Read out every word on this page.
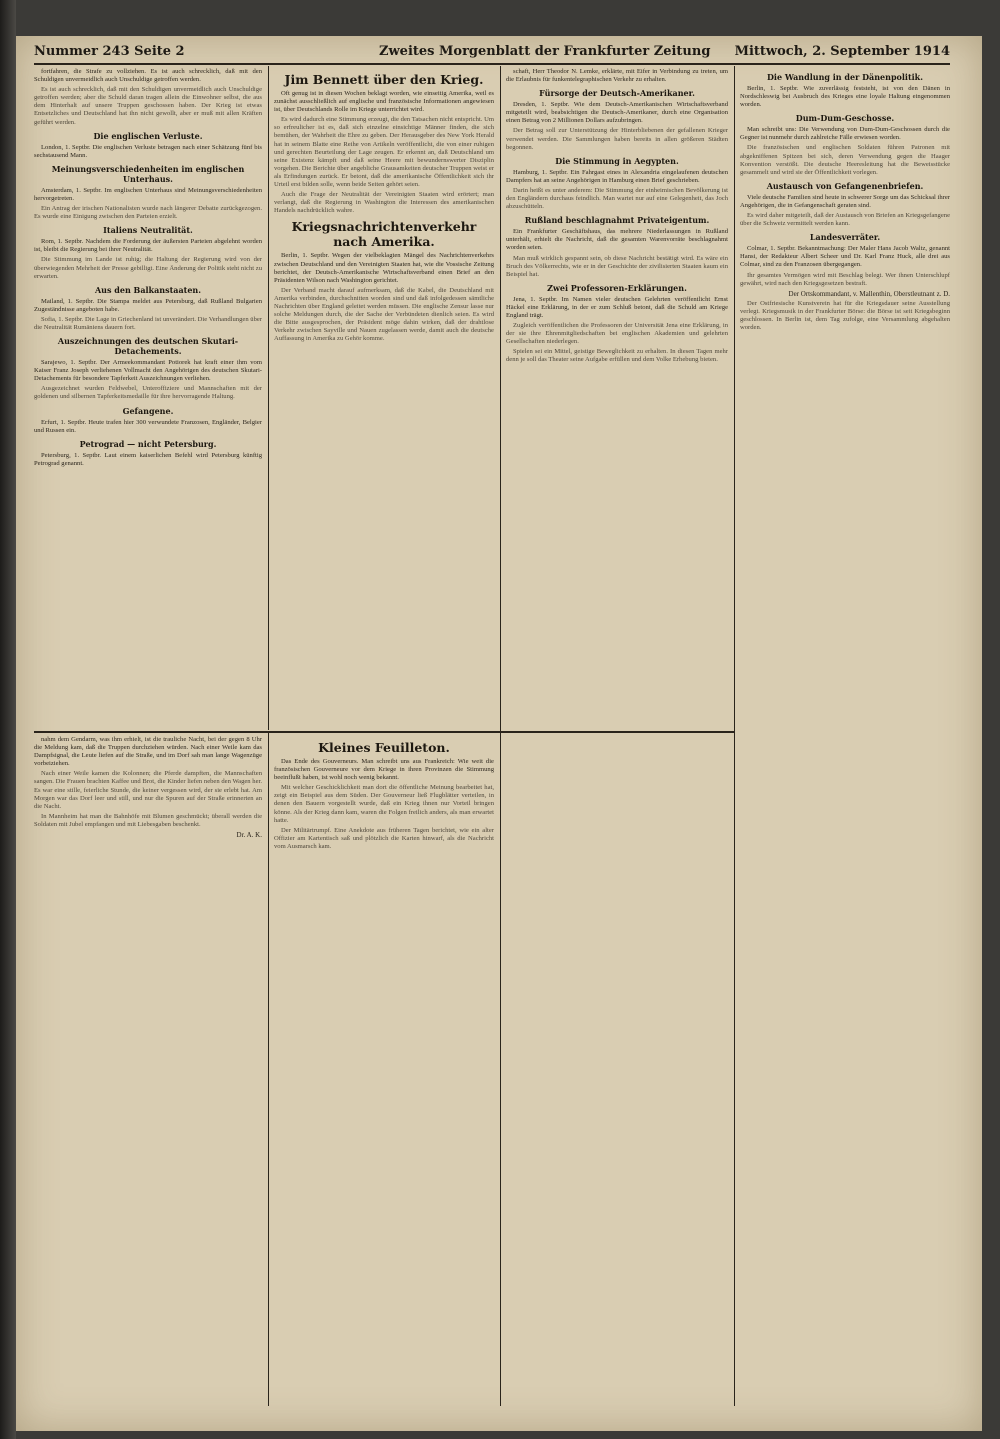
Nummer 243 Seite 2	Zweites Morgenblatt der Frankfurter Zeitung Mittwoch, 2. September 1914

fortfahren, die Strafe zu vollziehen. Es ist auch schrecklich, daß mit den Schuldigen unvermeidlich auch Unschuldige getroffen werden.

Es ist auch schrecklich, daß mit den Schuldigen unvermeidlich auch Unschuldige getroffen werden; aber die Schuld daran tragen allein die Einwohner selbst, die aus dem Hinterhalt auf unsere Truppen geschossen haben. Der Krieg ist etwas Entsetzliches und Deutschland hat ihn nicht gewollt, aber er muß mit allen Kräften geführt werden.

Die englischen Verluste.

London, 1. Septbr. Die englischen Verluste betragen nach einer Schätzung fünf bis sechstausend Mann.

Meinungsverschiedenheiten im englischen Unterhaus.

Amsterdam, 1. Septbr. Im englischen Unterhaus sind Meinungsverschiedenheiten hervorgetreten.

Ein Antrag der irischen Nationalisten wurde nach längerer Debatte zurückgezogen. Es wurde eine Einigung zwischen den Parteien erzielt.

Italiens Neutralität.

Rom, 1. Septbr. Nachdem die Forderung der äußersten Parteien abgelehnt worden ist, bleibt die Regierung bei ihrer Neutralität.

Die Stimmung im Lande ist ruhig; die Haltung der Regierung wird von der überwiegenden Mehrheit der Presse gebilligt. Eine Änderung der Politik steht nicht zu erwarten.

Aus den Balkanstaaten.

Mailand, 1. Septbr. Die Stampa meldet aus Petersburg, daß Rußland Bulgarien Zugeständnisse angeboten habe.

Sofia, 1. Septbr. Die Lage in Griechenland ist unverändert. Die Verhandlungen über die Neutralität Rumäniens dauern fort.

Auszeichnungen des deutschen Skutari-Detachements.

Sarajewo, 1. Septbr. Der Armeekommandant Potiorek hat kraft einer ihm vom Kaiser Franz Joseph verliehenen Vollmacht den Angehörigen des deutschen Skutari-Detachements für besondere Tapferkeit Auszeichnungen verliehen.

Ausgezeichnet wurden Feldwebel, Unteroffiziere und Mannschaften mit der goldenen und silbernen Tapferkeitsmedaille für ihre hervorragende Haltung.

Gefangene.

Erfurt, 1. Septbr. Heute trafen hier 300 verwundete Franzosen, Engländer, Belgier und Russen ein.

Petrograd — nicht Petersburg.

Petersburg, 1. Septbr. Laut einem kaiserlichen Befehl wird Petersburg künftig Petrograd genannt.

Jim Bennett über den Krieg.

Oft genug ist in diesen Wochen beklagt worden, wie einseitig Amerika, weil es zunächst ausschließlich auf englische und französische Informationen angewiesen ist, über Deutschlands Rolle im Kriege unterrichtet wird.

Es wird dadurch eine Stimmung erzeugt, die den Tatsachen nicht entspricht. Um so erfreulicher ist es, daß sich einzelne einsichtige Männer finden, die sich bemühen, der Wahrheit die Ehre zu geben. Der Herausgeber des New York Herald hat in seinem Blatte eine Reihe von Artikeln veröffentlicht, die von einer ruhigen und gerechten Beurteilung der Lage zeugen. Er erkennt an, daß Deutschland um seine Existenz kämpft und daß seine Heere mit bewundernswerter Disziplin vorgehen. Die Berichte über angebliche Grausamkeiten deutscher Truppen weist er als Erfindungen zurück. Er betont, daß die amerikanische Öffentlichkeit sich ihr Urteil erst bilden solle, wenn beide Seiten gehört seien.

Auch die Frage der Neutralität der Vereinigten Staaten wird erörtert; man verlangt, daß die Regierung in Washington die Interessen des amerikanischen Handels nachdrücklich wahre.

Kriegsnachrichtenverkehr nach Amerika.

Berlin, 1. Septbr. Wegen der vielbeklagten Mängel des Nachrichtenverkehrs zwischen Deutschland und den Vereinigten Staaten hat, wie die Vossische Zeitung berichtet, der Deutsch-Amerikanische Wirtschaftsverband einen Brief an den Präsidenten Wilson nach Washington gerichtet.

Der Verband macht darauf aufmerksam, daß die Kabel, die Deutschland mit Amerika verbinden, durchschnitten worden sind und daß infolgedessen sämtliche Nachrichten über England geleitet werden müssen. Die englische Zensur lasse nur solche Meldungen durch, die der Sache der Verbündeten dienlich seien. Es wird die Bitte ausgesprochen, der Präsident möge dahin wirken, daß der drahtlose Verkehr zwischen Sayville und Nauen zugelassen werde, damit auch die deutsche Auffassung in Amerika zu Gehör komme.

schaft, Herr Theodor N. Lemke, erklärte, mit Eifer in Verbindung zu treten, um die Erlaubnis für funkentelegraphischen Verkehr zu erhalten.

Fürsorge der Deutsch-Amerikaner.

Dresden, 1. Septbr. Wie dem Deutsch-Amerikanischen Wirtschaftsverband mitgeteilt wird, beabsichtigen die Deutsch-Amerikaner, durch eine Organisation einen Betrag von 2 Millionen Dollars aufzubringen.

Der Betrag soll zur Unterstützung der Hinterbliebenen der gefallenen Krieger verwendet werden. Die Sammlungen haben bereits in allen größeren Städten begonnen.

Die Stimmung in Aegypten.

Hamburg, 1. Septbr. Ein Fahrgast eines in Alexandria eingelaufenen deutschen Dampfers hat an seine Angehörigen in Hamburg einen Brief geschrieben.

Darin heißt es unter anderem: Die Stimmung der einheimischen Bevölkerung ist den Engländern durchaus feindlich. Man wartet nur auf eine Gelegenheit, das Joch abzuschütteln.

Rußland beschlagnahmt Privateigentum.

Ein Frankfurter Geschäftshaus, das mehrere Niederlassungen in Rußland unterhält, erhielt die Nachricht, daß die gesamten Warenvorräte beschlagnahmt worden seien.

Man muß wirklich gespannt sein, ob diese Nachricht bestätigt wird. Es wäre ein Bruch des Völkerrechts, wie er in der Geschichte der zivilisierten Staaten kaum ein Beispiel hat.

Zwei Professoren-Erklärungen.

Jena, 1. Septbr. Im Namen vieler deutschen Gelehrten veröffentlicht Ernst Häckel eine Erklärung, in der er zum Schluß betont, daß die Schuld am Kriege England trägt.

Zugleich veröffentlichen die Professoren der Universität Jena eine Erklärung, in der sie ihre Ehrenmitgliedschaften bei englischen Akademien und gelehrten Gesellschaften niederlegen.

Spielen sei ein Mittel, geistige Beweglichkeit zu erhalten. In diesen Tagen mehr denn je soll das Theater seine Aufgabe erfüllen und dem Volke Erhebung bieten.

Die Wandlung in der Dänenpolitik.

Berlin, 1. Septbr. Wie zuverlässig feststeht, ist von den Dänen in Nordschleswig bei Ausbruch des Krieges eine loyale Haltung eingenommen worden.

Dum-Dum-Geschosse.

Man schreibt uns: Die Verwendung von Dum-Dum-Geschossen durch die Gegner ist nunmehr durch zahlreiche Fälle erwiesen worden.

Die französischen und englischen Soldaten führen Patronen mit abgekniffenen Spitzen bei sich, deren Verwendung gegen die Haager Konvention verstößt. Die deutsche Heeresleitung hat die Beweisstücke gesammelt und wird sie der Öffentlichkeit vorlegen.

Austausch von Gefangenenbriefen.

Viele deutsche Familien sind heute in schwerer Sorge um das Schicksal ihrer Angehörigen, die in Gefangenschaft geraten sind.

Es wird daher mitgeteilt, daß der Austausch von Briefen an Kriegsgefangene über die Schweiz vermittelt werden kann.

Landesverräter.

Colmar, 1. Septbr. Bekanntmachung: Der Maler Hans Jacob Waltz, genannt Hansi, der Redakteur Albert Scheer und Dr. Karl Franz Huck, alle drei aus Colmar, sind zu den Franzosen übergegangen.

Ihr gesamtes Vermögen wird mit Beschlag belegt. Wer ihnen Unterschlupf gewährt, wird nach den Kriegsgesetzen bestraft.

Der Ortskommandant, v. Mallenthin, Oberstleutnant z. D.

Der Ostfriesische Kunstverein hat für die Kriegsdauer seine Ausstellung verlegt. Kriegsmusik in der Frankfurter Börse: die Börse ist seit Kriegsbeginn geschlossen. In Berlin ist, dem Tag zufolge, eine Versammlung abgehalten worden.

nahm dem Gendarm, was ihm erhielt, ist die trauliche Nacht, bei der gegen 8 Uhr die Meldung kam, daß die Truppen durchziehen würden. Nach einer Weile kam das Dampfsignal, die Leute liefen auf die Straße, und im Dorf sah man lange Wagenzüge vorbeiziehen.

Nach einer Weile kamen die Kolonnen; die Pferde dampften, die Mannschaften sangen. Die Frauen brachten Kaffee und Brot, die Kinder liefen neben den Wagen her. Es war eine stille, feierliche Stunde, die keiner vergessen wird, der sie erlebt hat. Am Morgen war das Dorf leer und still, und nur die Spuren auf der Straße erinnerten an die Nacht.

In Mannheim hat man die Bahnhöfe mit Blumen geschmückt; überall werden die Soldaten mit Jubel empfangen und mit Liebesgaben beschenkt.

Dr. A. K.

Kleines Feuilleton.

Das Ende des Gouverneurs. Man schreibt uns aus Frankreich: Wie weit die französischen Gouverneure vor dem Kriege in ihren Provinzen die Stimmung beeinflußt haben, ist wohl noch wenig bekannt.

Mit welcher Geschicklichkeit man dort die öffentliche Meinung bearbeitet hat, zeigt ein Beispiel aus dem Süden. Der Gouverneur ließ Flugblätter verteilen, in denen den Bauern vorgestellt wurde, daß ein Krieg ihnen nur Vorteil bringen könne. Als der Krieg dann kam, waren die Folgen freilich anders, als man erwartet hatte.

Der Militärtrumpf. Eine Anekdote aus früheren Tagen berichtet, wie ein alter Offizier am Kartentisch saß und plötzlich die Karten hinwarf, als die Nachricht vom Ausmarsch kam.
